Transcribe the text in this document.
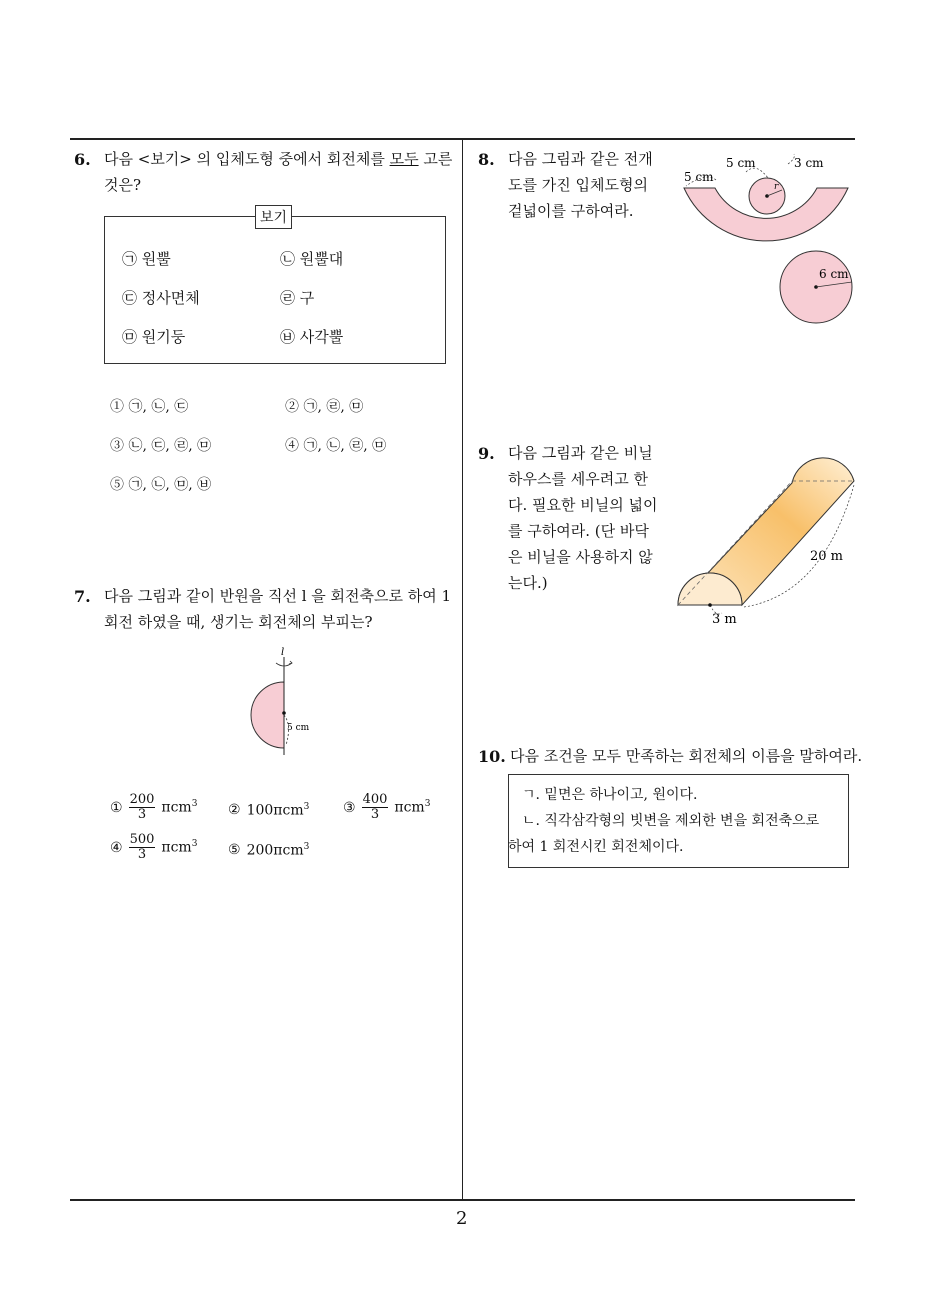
2
6. 다음 <보기> 의 입체도형 중에서 회전체를 모두 고른
것은?
보기
㉠ 원뿔	㉡ 원뿔대
㉢ 정사면체	㉣ 구
㉤ 원기둥	㉥ 사각뿔
① ㉠, ㉡, ㉢	② ㉠, ㉣, ㉤
③ ㉡, ㉢, ㉣, ㉤	④ ㉠, ㉡, ㉣, ㉤
⑤ ㉠, ㉡, ㉤, ㉥
7. 다음 그림과 같이 반원을 직선 l 을 회전축으로 하여 1
회전 하였을 때, 생기는 회전체의 부피는?
l
5 cm
① $\frac{200}{3} \pi cm^3$ ② 100πcm$^3$ ③ $\frac{400}{3} \pi cm^3$
④ $\frac{500}{3} \pi cm^3$ ⑤ 200πcm$^3$
8. 다음 그림과 같은 전개
도를 가진 입체도형의
겉넓이를 구하여라.
5 cm
5 cm
3 cm
r
6 cm
9. 다음 그림과 같은 비닐
하우스를 세우려고 한
다. 필요한 비닐의 넓이
를 구하여라. (단 바닥
은 비닐을 사용하지 않
는다.)
20 m
3 m
10. 다음 조건을 모두 만족하는 회전체의 이름을 말하여라.
ㄱ. 밑면은 하나이고, 원이다.
ㄴ. 직각삼각형의 빗변을 제외한 변을 회전축으로
하여 1 회전시킨 회전체이다.
